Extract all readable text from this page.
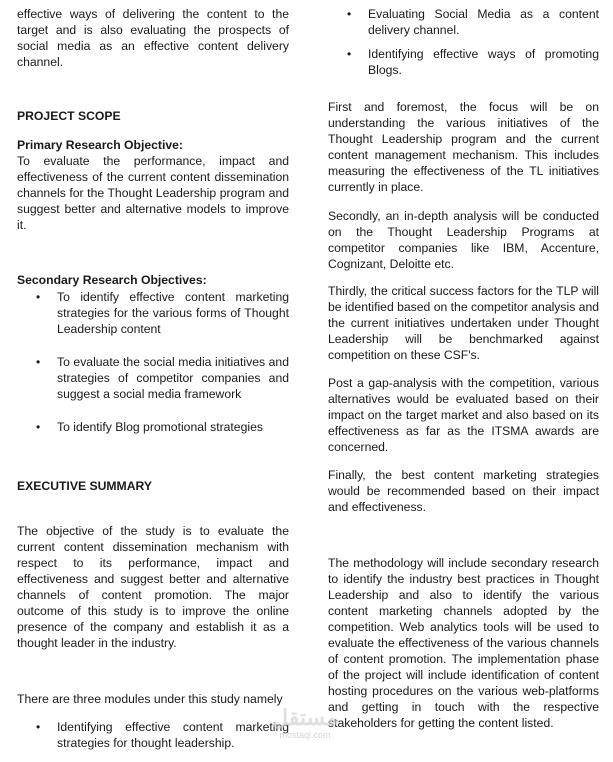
effective ways of delivering the content to the target and is also evaluating the prospects of social media as an effective content delivery channel.

PROJECT SCOPE
Primary Research Objective:

To evaluate the performance, impact and effectiveness of the current content dissemination channels for the Thought Leadership program and suggest better and alternative models to improve it.

Secondary Research Objectives:
• To identify effective content marketing strategies for the various forms of Thought Leadership content
• To evaluate the social media initiatives and strategies of competitor companies and suggest a social media framework
• To identify Blog promotional strategies
EXECUTIVE SUMMARY

The objective of the study is to evaluate the current content dissemination mechanism with respect to its performance, impact and effectiveness and suggest better and alternative channels of content promotion. The major outcome of this study is to improve the online presence of the company and establish it as a thought leader in the industry.

There are three modules under this study namely

• Identifying effective content marketing strategies for thought leadership.
• Evaluating Social Media as a content delivery channel.
• Identifying effective ways of promoting Blogs.

First and foremost, the focus will be on understanding the various initiatives of the Thought Leadership program and the current content management mechanism. This includes measuring the effectiveness of the TL initiatives currently in place.

Secondly, an in-depth analysis will be conducted on the Thought Leadership Programs at competitor companies like IBM, Accenture, Cognizant, Deloitte etc.

Thirdly, the critical success factors for the TLP will be identified based on the competitor analysis and the current initiatives undertaken under Thought Leadership will be benchmarked against competition on these CSF's.

Post a gap-analysis with the competition, various alternatives would be evaluated based on their impact on the target market and also based on its effectiveness as far as the ITSMA awards are concerned.

Finally, the best content marketing strategies would be recommended based on their impact and effectiveness.

The methodology will include secondary research to identify the industry best practices in Thought Leadership and also to identify the various content marketing channels adopted by the competition. Web analytics tools will be used to evaluate the effectiveness of the various channels of content promotion. The implementation phase of the project will include identification of content hosting procedures on the various web-platforms and getting in touch with the respective stakeholders for getting the content listed.

مستقل
mostaql.com
